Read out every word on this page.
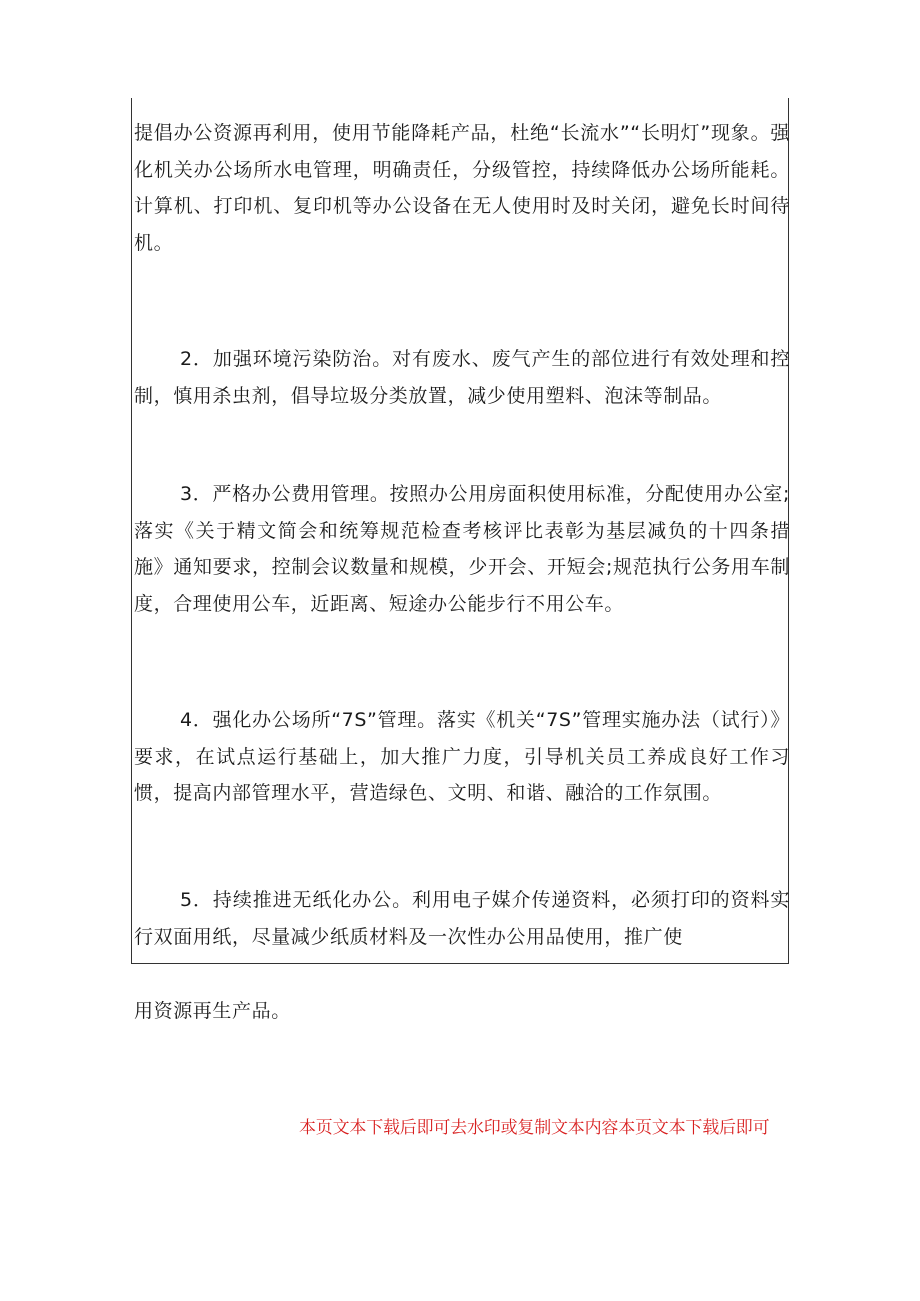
提倡办公资源再利用，使用节能降耗产品，杜绝“长流水”“长明灯”现象。强化机关办公场所水电管理，明确责任，分级管控，持续降低办公场所能耗。计算机、打印机、复印机等办公设备在无人使用时及时关闭，避免长时间待机。

2．加强环境污染防治。对有废水、废气产生的部位进行有效处理和控制，慎用杀虫剂，倡导垃圾分类放置，减少使用塑料、泡沫等制品。

3．严格办公费用管理。按照办公用房面积使用标准，分配使用办公室;落实《关于精文简会和统筹规范检查考核评比表彰为基层减负的十四条措施》通知要求，控制会议数量和规模，少开会、开短会;规范执行公务用车制度，合理使用公车，近距离、短途办公能步行不用公车。

4．强化办公场所“7S”管理。落实《机关“7S”管理实施办法（试行）》要求，在试点运行基础上，加大推广力度，引导机关员工养成良好工作习惯，提高内部管理水平，营造绿色、文明、和谐、融洽的工作氛围。

5．持续推进无纸化办公。利用电子媒介传递资料，必须打印的资料实行双面用纸，尽量减少纸质材料及一次性办公用品使用，推广使

用资源再生产品。

本页文本下载后即可去水印或复制文本内容本页文本下载后即可
